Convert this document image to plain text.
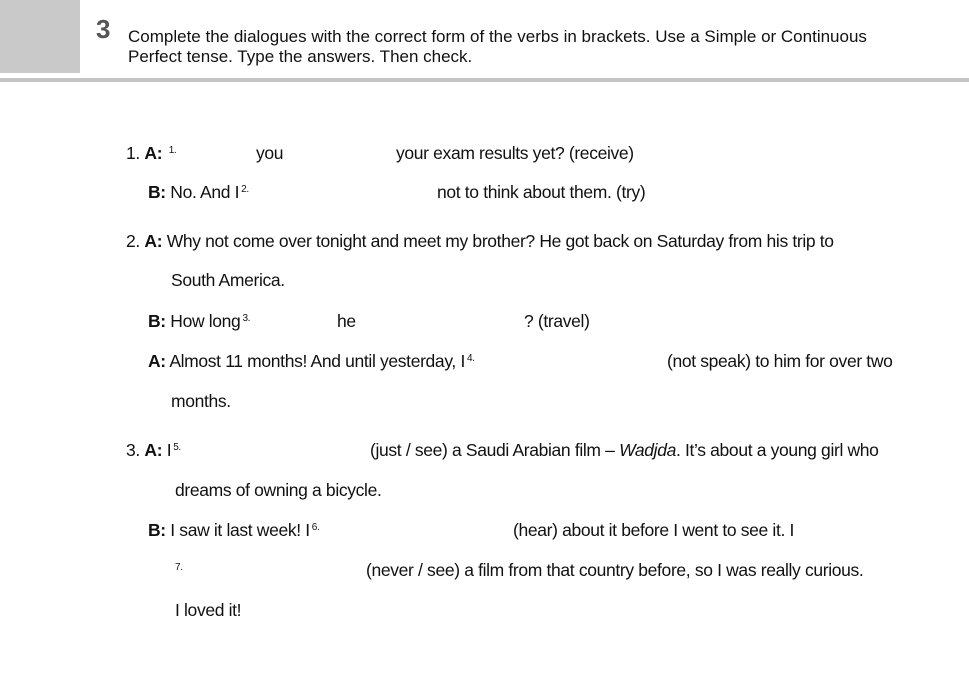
3 Complete the dialogues with the correct form of the verbs in brackets. Use a Simple or Continuous
Perfect tense. Type the answers. Then check.
1. A: $^{1.}$	you	your exam results yet? (receive)
B: No. And I $^{2.}$	not to think about them. (try)
2. A: Why not come over tonight and meet my brother? He got back on Saturday from his trip to
South America.
B: How long $^{3.}$	he	? (travel)
A: Almost 11 months! And until yesterday, I $^{4.}$	(not speak) to him for over two
months.
3. A: I $^{5.}$	(just / see) a Saudi Arabian film – Wadjda. It’s about a young girl who
dreams of owning a bicycle.
B: I saw it last week! I $^{6.}$	(hear) about it before I went to see it. I
$^{7.}$	(never / see) a film from that country before, so I was really curious.
I loved it!
